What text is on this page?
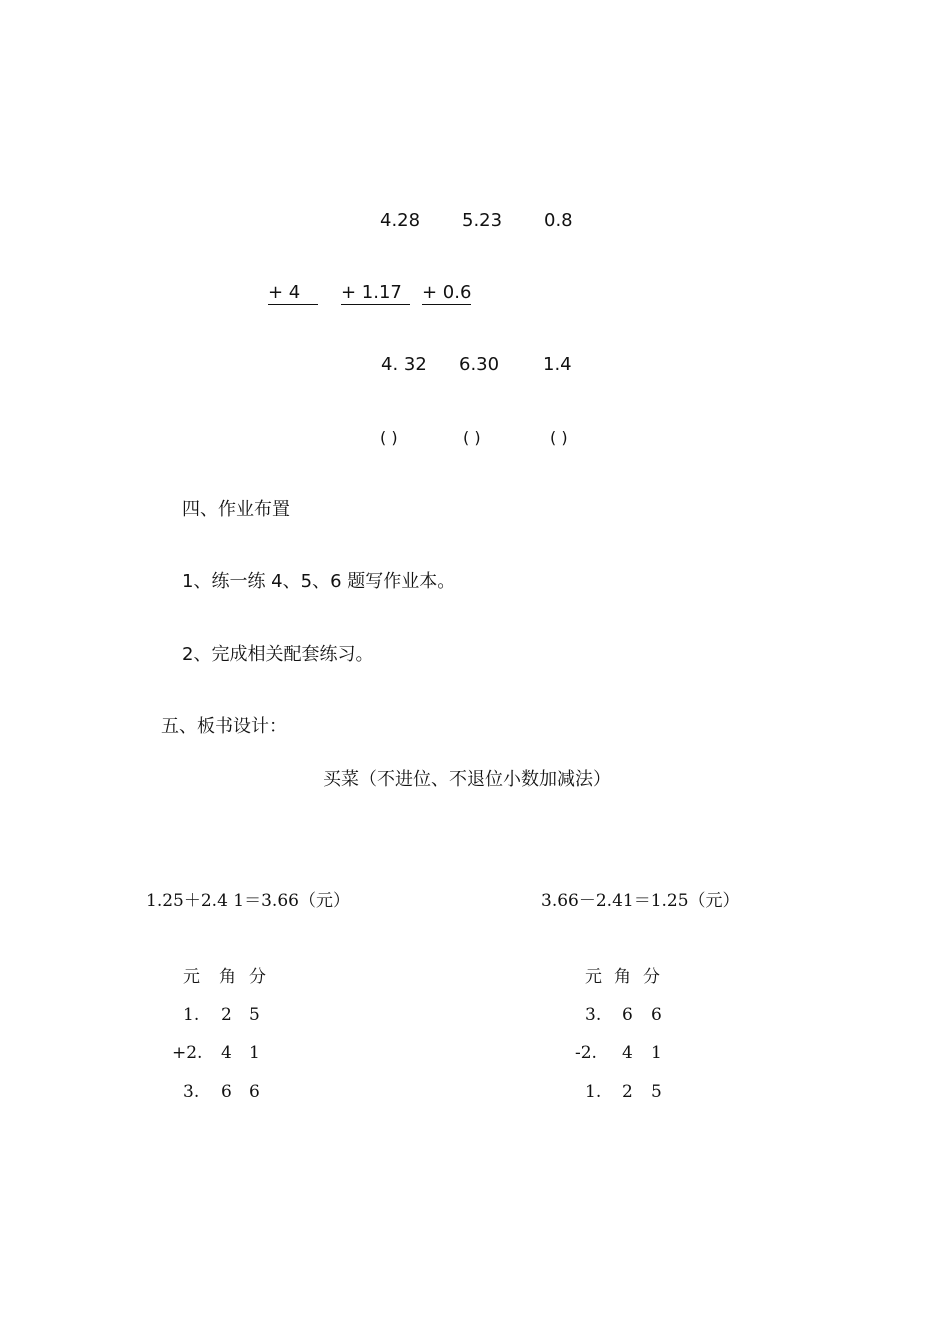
4.28 5.23 0.8
+ 4	+ 1.17	+ 0.6
4. 32 6.30 1.4
( )	( )	( )
四、作业布置
1、练一练 4、5、6 题写作业本。
2、完成相关配套练习。
五、板书设计：
买菜（不进位、不退位小数加减法）
1.25＋2.4 1＝3.66（元）
元 角 分
1. 2 5
+2. 4 1
3. 6 6
3.66－2.41＝1.25（元）
元 角 分
3. 6 6
-2. 4 1
1. 2 5
